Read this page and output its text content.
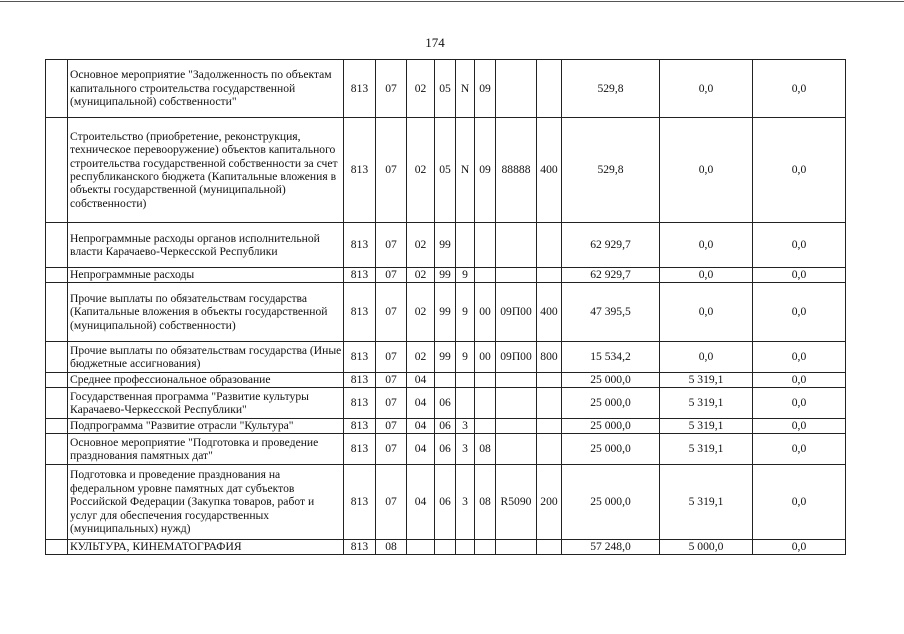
174
	Основное мероприятие "Задолженность по объектам капитального строительства государственной (муниципальной) собственности"	813	07	02	05	N	09			529,8	0,0	0,0
	Строительство (приобретение, реконструкция, техническое перевооружение) объектов капитального строительства государственной собственности за счет республиканского бюджета (Капитальные вложения в объекты государственной (муниципальной) собственности)	813	07	02	05	N	09	88888	400	529,8	0,0	0,0
	Непрограммные расходы органов исполнительной власти Карачаево-Черкесской Республики	813	07	02	99					62 929,7	0,0	0,0
	Непрограммные расходы	813	07	02	99	9				62 929,7	0,0	0,0
	Прочие выплаты по обязательствам государства (Капитальные вложения в объекты государственной (муниципальной) собственности)	813	07	02	99	9	00	09П00	400	47 395,5	0,0	0,0
	Прочие выплаты по обязательствам государства (Иные бюджетные ассигнования)	813	07	02	99	9	00	09П00	800	15 534,2	0,0	0,0
	Среднее профессиональное образование	813	07	04						25 000,0	5 319,1	0,0
	Государственная программа "Развитие культуры Карачаево-Черкесской Республики"	813	07	04	06					25 000,0	5 319,1	0,0
	Подпрограмма "Развитие отрасли "Культура"	813	07	04	06	3				25 000,0	5 319,1	0,0
	Основное мероприятие "Подготовка и проведение празднования памятных дат"	813	07	04	06	3	08			25 000,0	5 319,1	0,0
	Подготовка и проведение празднования на федеральном уровне памятных дат субъектов Российской Федерации (Закупка товаров, работ и услуг для обеспечения государственных (муниципальных) нужд)	813	07	04	06	3	08	R5090	200	25 000,0	5 319,1	0,0
	КУЛЬТУРА, КИНЕМАТОГРАФИЯ	813	08							57 248,0	5 000,0	0,0
